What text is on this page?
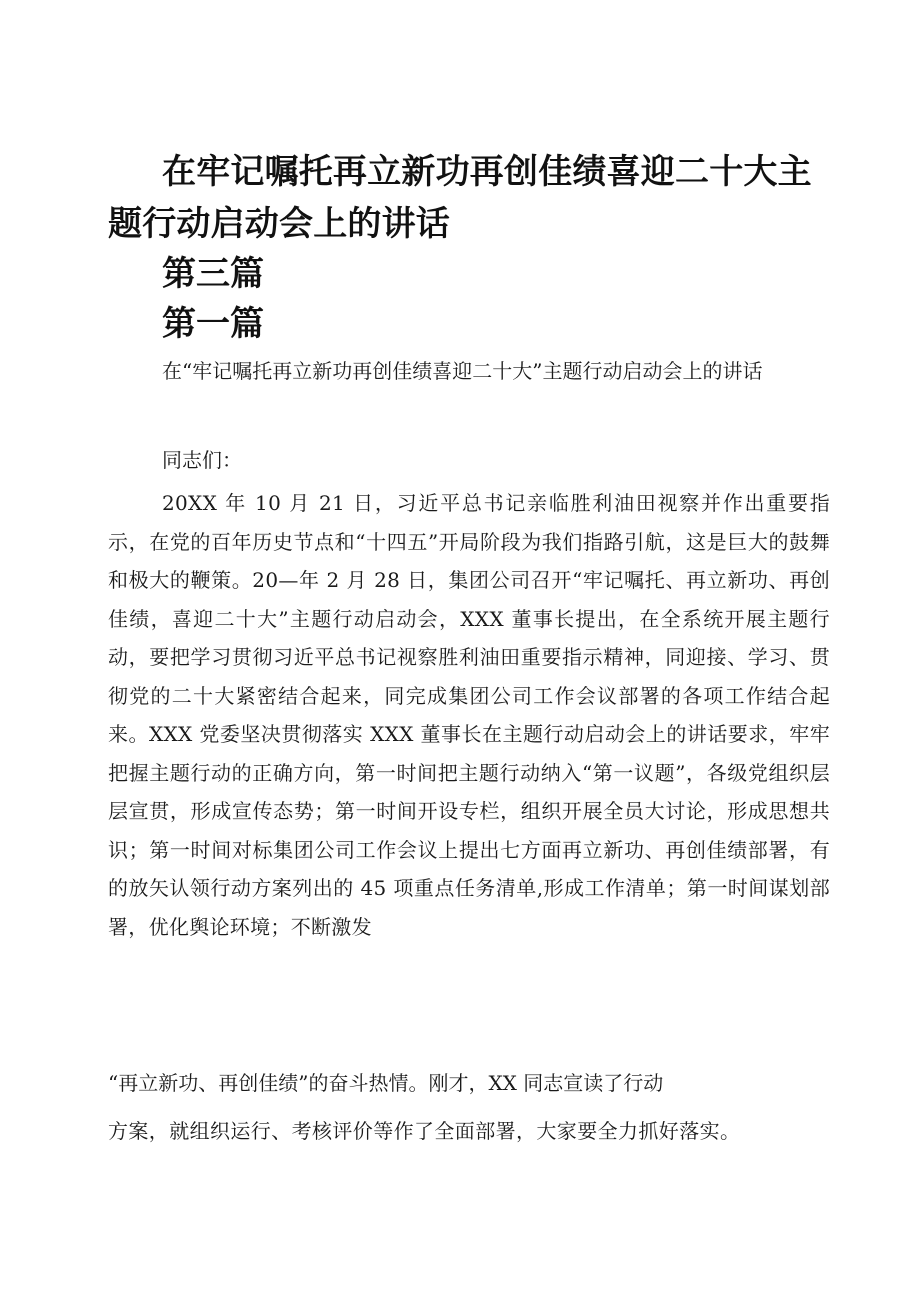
在牢记嘱托再立新功再创佳绩喜迎二十大主题行动启动会上的讲话
第三篇
第一篇

在“牢记嘱托再立新功再创佳绩喜迎二十大”主题行动启动会上的讲话

同志们：

20XX 年 10 月 21 日，习近平总书记亲临胜利油田视察并作出重要指示，在党的百年历史节点和“十四五”开局阶段为我们指路引航，这是巨大的鼓舞和极大的鞭策。20—年 2 月 28 日，集团公司召开“牢记嘱托、再立新功、再创佳绩，喜迎二十大”主题行动启动会，XXX 董事长提出，在全系统开展主题行动，要把学习贯彻习近平总书记视察胜利油田重要指示精神，同迎接、学习、贯彻党的二十大紧密结合起来，同完成集团公司工作会议部署的各项工作结合起来。XXX 党委坚决贯彻落实 XXX 董事长在主题行动启动会上的讲话要求，牢牢把握主题行动的正确方向，第一时间把主题行动纳入“第一议题”，各级党组织层层宣贯，形成宣传态势；第一时间开设专栏，组织开展全员大讨论，形成思想共识；第一时间对标集团公司工作会议上提出七方面再立新功、再创佳绩部署，有的放矢认领行动方案列出的 45 项重点任务清单,形成工作清单；第一时间谋划部署，优化舆论环境；不断激发

“再立新功、再创佳绩”的奋斗热情。刚才，XX 同志宣读了行动

方案，就组织运行、考核评价等作了全面部署，大家要全力抓好落实。
